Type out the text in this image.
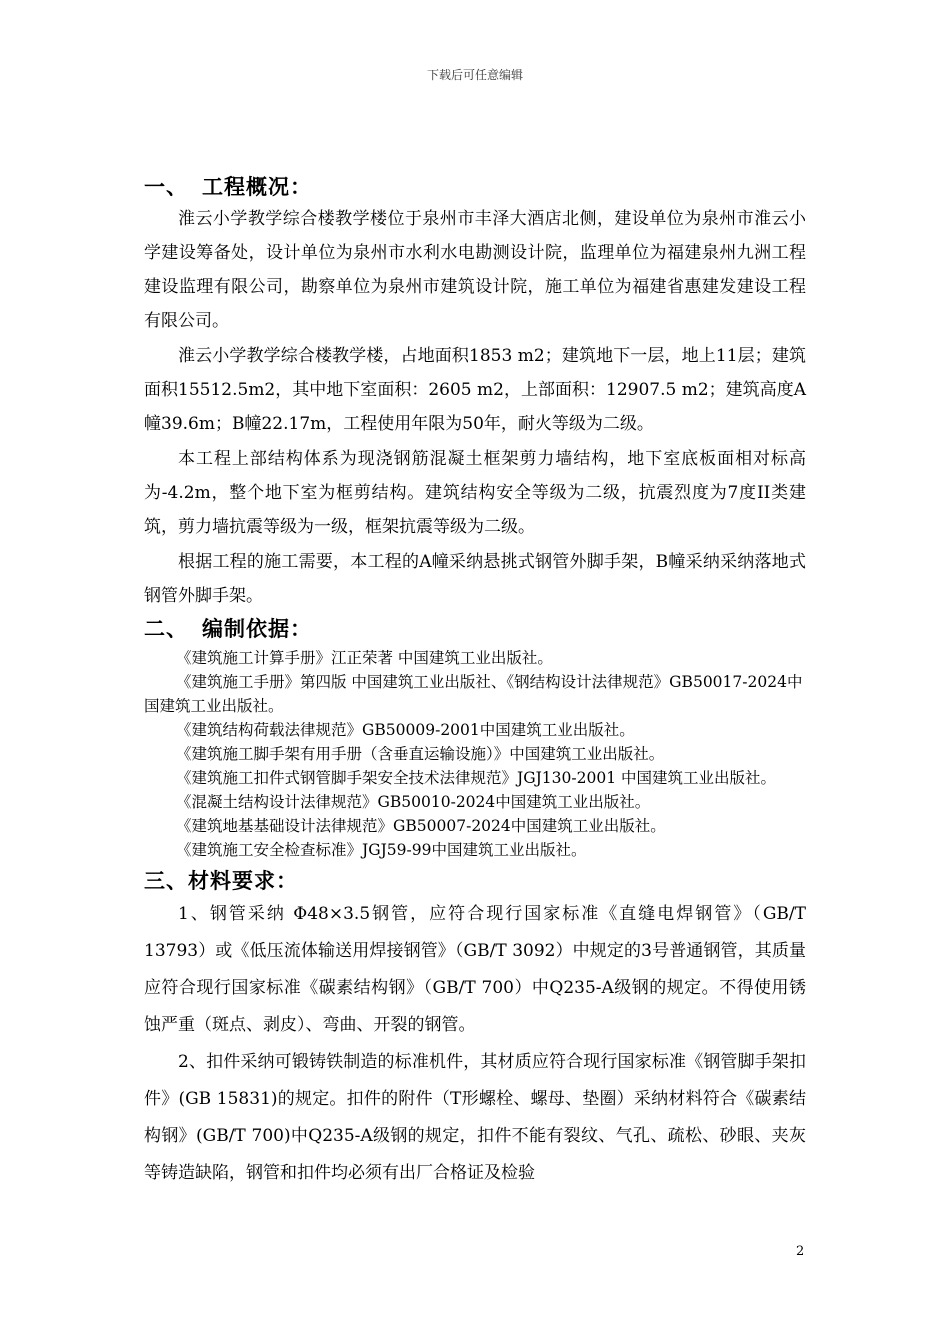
下载后可任意编辑
一、 工程概况：

淮云小学教学综合楼教学楼位于泉州市丰泽大酒店北侧，建设单位为泉州市淮云小学建设筹备处，设计单位为泉州市水利水电勘测设计院，监理单位为福建泉州九洲工程建设监理有限公司，勘察单位为泉州市建筑设计院，施工单位为福建省惠建发建设工程有限公司。

淮云小学教学综合楼教学楼，占地面积1853 m2；建筑地下一层，地上11层；建筑面积15512.5m2，其中地下室面积：2605 m2，上部面积：12907.5 m2；建筑高度A幢39.6m；B幢22.17m，工程使用年限为50年，耐火等级为二级。

本工程上部结构体系为现浇钢筋混凝土框架剪力墙结构，地下室底板面相对标高为-4.2m，整个地下室为框剪结构。建筑结构安全等级为二级，抗震烈度为7度II类建筑，剪力墙抗震等级为一级，框架抗震等级为二级。

根据工程的施工需要，本工程的A幢采纳悬挑式钢管外脚手架，B幢采纳采纳落地式钢管外脚手架。

二、 编制依据：

《建筑施工计算手册》江正荣著 中国建筑工业出版社。

《建筑施工手册》第四版 中国建筑工业出版社、《钢结构设计法律规范》GB50017-2024中国建筑工业出版社。

《建筑结构荷载法律规范》GB50009-2001中国建筑工业出版社。

《建筑施工脚手架有用手册（含垂直运输设施）》中国建筑工业出版社。

《建筑施工扣件式钢管脚手架安全技术法律规范》JGJ130-2001 中国建筑工业出版社。

《混凝土结构设计法律规范》GB50010-2024中国建筑工业出版社。

《建筑地基基础设计法律规范》GB50007-2024中国建筑工业出版社。

《建筑施工安全检查标准》JGJ59-99中国建筑工业出版社。

三、材料要求：

1、钢管采纳 Φ48×3.5钢管，应符合现行国家标准《直缝电焊钢管》（GB/T 13793）或《低压流体输送用焊接钢管》（GB/T 3092）中规定的3号普通钢管，其质量应符合现行国家标准《碳素结构钢》（GB/T 700）中Q235-A级钢的规定。不得使用锈蚀严重（斑点、剥皮）、弯曲、开裂的钢管。

2、扣件采纳可锻铸铁制造的标准机件，其材质应符合现行国家标准《钢管脚手架扣件》(GB 15831)的规定。扣件的附件（T形螺栓、螺母、垫圈）采纳材料符合《碳素结构钢》(GB/T 700)中Q235-A级钢的规定，扣件不能有裂纹、气孔、疏松、砂眼、夹灰等铸造缺陷，钢管和扣件均必须有出厂合格证及检验

2
